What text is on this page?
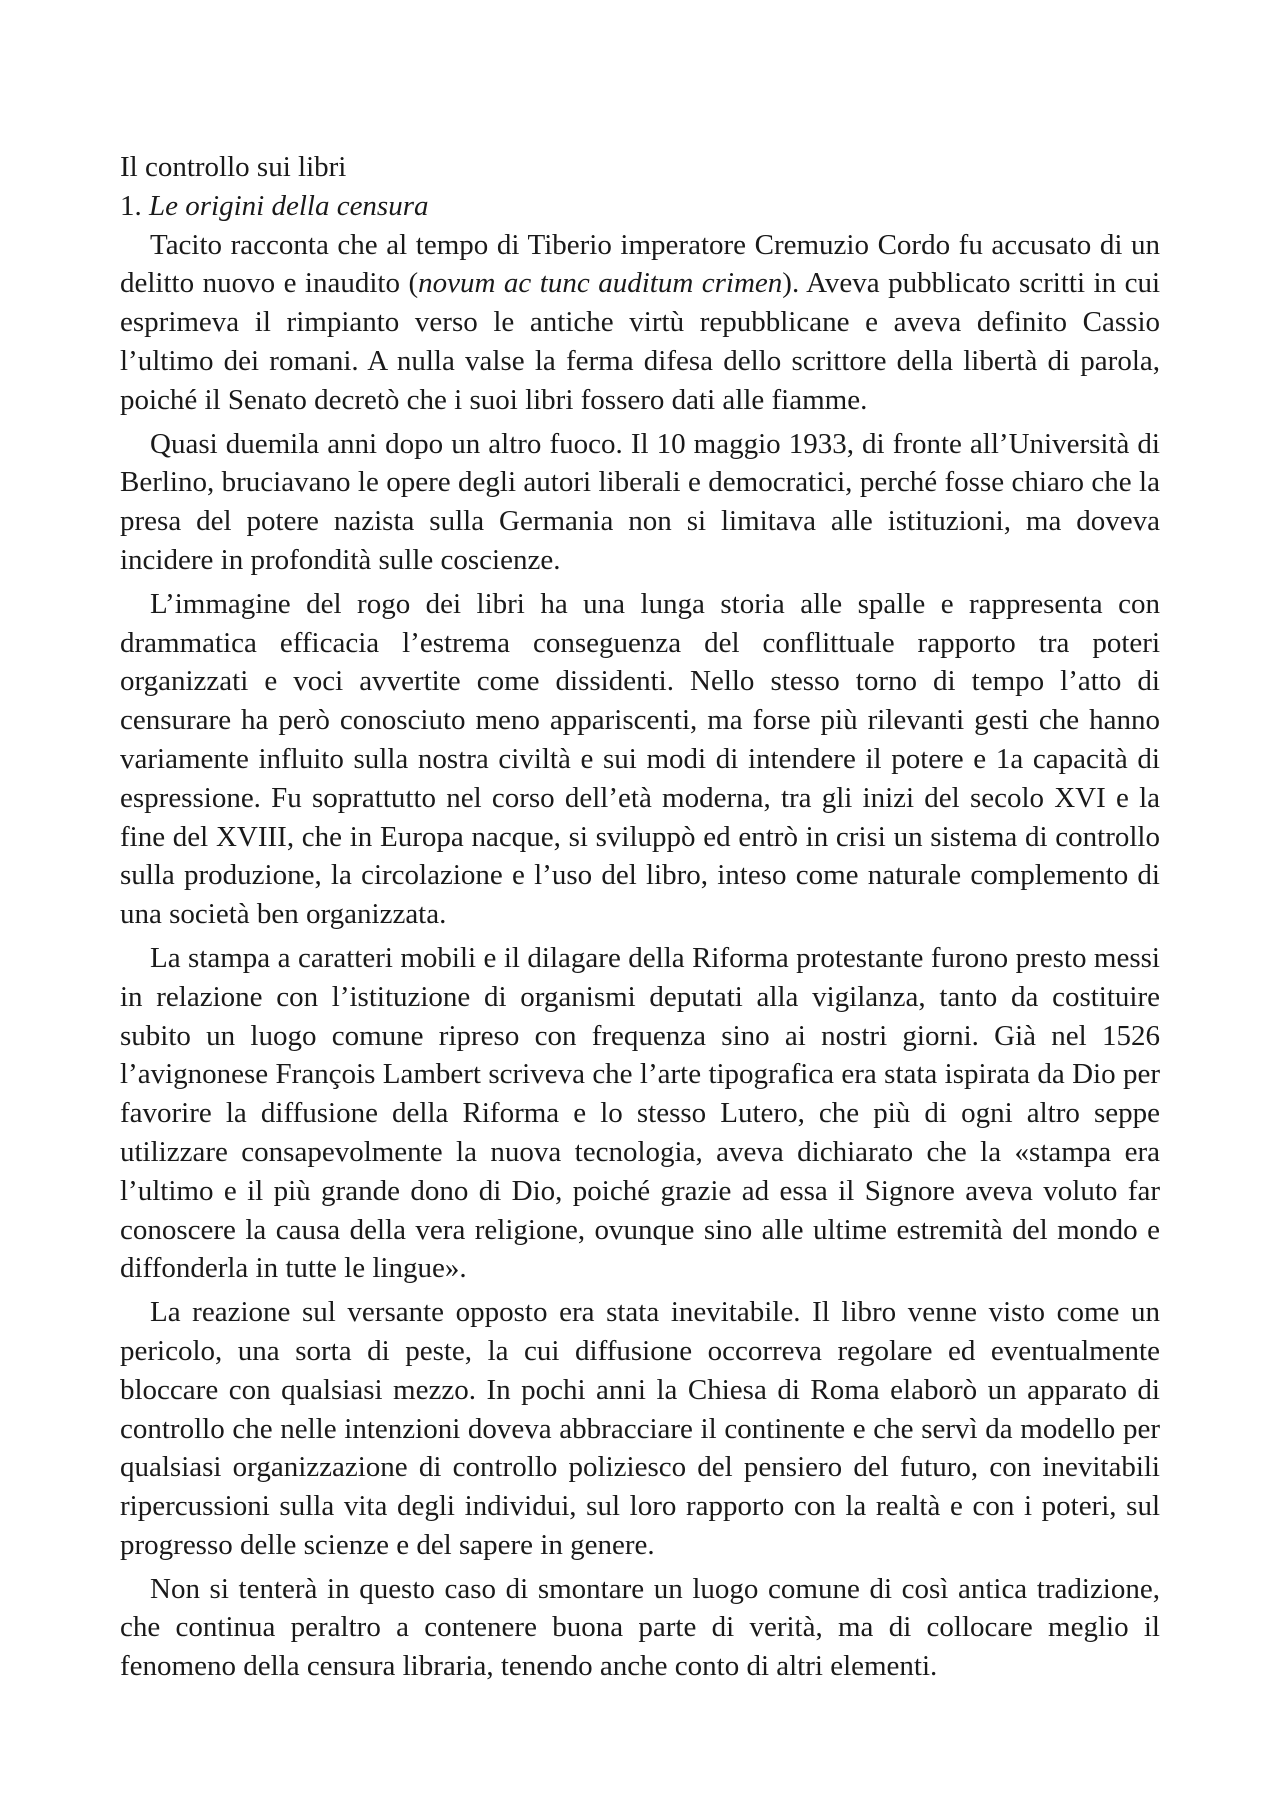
Il controllo sui libri
1. Le origini della censura

Tacito racconta che al tempo di Tiberio imperatore Cremuzio Cordo fu accusato di un delitto nuovo e inaudito (novum ac tunc auditum crimen). Aveva pubblicato scritti in cui esprimeva il rimpianto verso le antiche virtù repubblicane e aveva definito Cassio l’ultimo dei romani. A nulla valse la ferma difesa dello scrittore della libertà di parola, poiché il Senato decretò che i suoi libri fossero dati alle fiamme.

Quasi duemila anni dopo un altro fuoco. Il 10 maggio 1933, di fronte all’Università di Berlino, bruciavano le opere degli autori liberali e democratici, perché fosse chiaro che la presa del potere nazista sulla Germania non si limitava alle istituzioni, ma doveva incidere in profondità sulle coscienze.

L’immagine del rogo dei libri ha una lunga storia alle spalle e rappresenta con drammatica efficacia l’estrema conseguenza del conflittuale rapporto tra poteri organizzati e voci avvertite come dissidenti. Nello stesso torno di tempo l’atto di censurare ha però conosciuto meno appariscenti, ma forse più rilevanti gesti che hanno variamente influito sulla nostra civiltà e sui modi di intendere il potere e 1a capacità di espressione. Fu soprattutto nel corso dell’età moderna, tra gli inizi del secolo XVI e la fine del XVIII, che in Europa nacque, si sviluppò ed entrò in crisi un sistema di controllo sulla produzione, la circolazione e l’uso del libro, inteso come naturale complemento di una società ben organizzata.

La stampa a caratteri mobili e il dilagare della Riforma protestante furono presto messi in relazione con l’istituzione di organismi deputati alla vigilanza, tanto da costituire subito un luogo comune ripreso con frequenza sino ai nostri giorni. Già nel 1526 l’avignonese François Lambert scriveva che l’arte tipografica era stata ispirata da Dio per favorire la diffusione della Riforma e lo stesso Lutero, che più di ogni altro seppe utilizzare consapevolmente la nuova tecnologia, aveva dichiarato che la «stampa era l’ultimo e il più grande dono di Dio, poiché grazie ad essa il Signore aveva voluto far conoscere la causa della vera religione, ovunque sino alle ultime estremità del mondo e diffonderla in tutte le lingue».

La reazione sul versante opposto era stata inevitabile. Il libro venne visto come un pericolo, una sorta di peste, la cui diffusione occorreva regolare ed eventualmente bloccare con qualsiasi mezzo. In pochi anni la Chiesa di Roma elaborò un apparato di controllo che nelle intenzioni doveva abbracciare il continente e che servì da modello per qualsiasi organizzazione di controllo poliziesco del pensiero del futuro, con inevitabili ripercussioni sulla vita degli individui, sul loro rapporto con la realtà e con i poteri, sul progresso delle scienze e del sapere in genere.

Non si tenterà in questo caso di smontare un luogo comune di così antica tradizione, che continua peraltro a contenere buona parte di verità, ma di collocare meglio il fenomeno della censura libraria, tenendo anche conto di altri elementi.
